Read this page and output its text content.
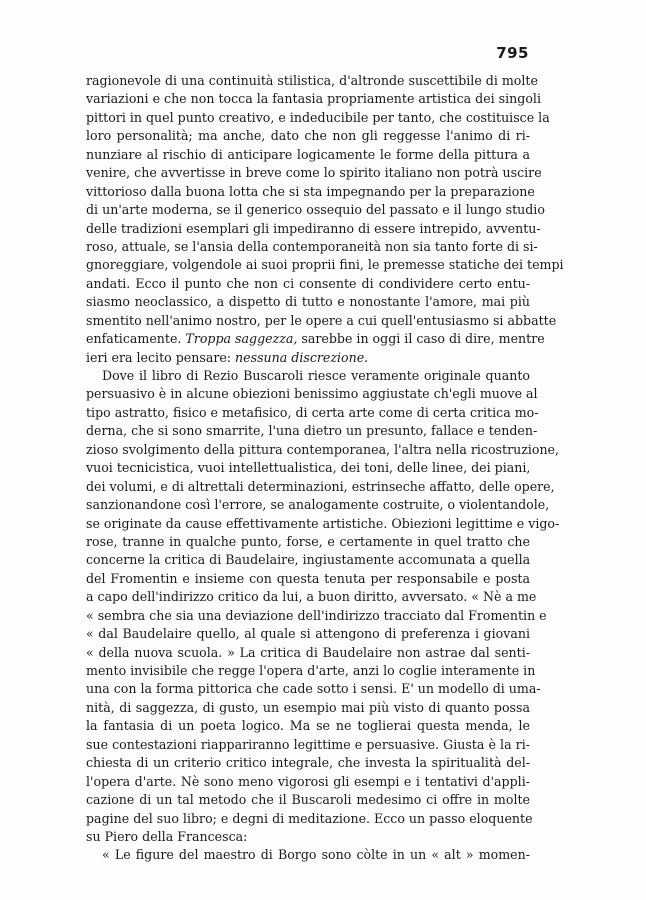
795
ragionevole di una continuità stilistica, d'altronde suscettibile di molte
variazioni e che non tocca la fantasia propriamente artistica dei singoli
pittori in quel punto creativo, e indeducibile per tanto, che costituisce la
loro personalità; ma anche, dato che non gli reggesse l'animo di ri-
nunziare al rischio di anticipare logicamente le forme della pittura a
venire, che avvertisse in breve come lo spirito italiano non potrà uscire
vittorioso dalla buona lotta che si sta impegnando per la preparazione
di un'arte moderna, se il generico ossequio del passato e il lungo studio
delle tradizioni esemplari gli impediranno di essere intrepido, avventu-
roso, attuale, se l'ansia della contemporaneità non sia tanto forte di si-
gnoreggiare, volgendole ai suoi proprii fini, le premesse statiche dei tempi
andati. Ecco il punto che non ci consente di condividere certo entu-
siasmo neoclassico, a dispetto di tutto e nonostante l'amore, mai più
smentito nell'animo nostro, per le opere a cui quell'entusiasmo si abbatte
enfaticamente. Troppa saggezza, sarebbe in oggi il caso di dire, mentre
ieri era lecito pensare: nessuna discrezione.
Dove il libro di Rezio Buscaroli riesce veramente originale quanto
persuasivo è in alcune obiezioni benissimo aggiustate ch'egli muove al
tipo astratto, fisico e metafisico, di certa arte come di certa critica mo-
derna, che si sono smarrite, l'una dietro un presunto, fallace e tenden-
zioso svolgimento della pittura contemporanea, l'altra nella ricostruzione,
vuoi tecnicistica, vuoi intellettualistica, dei toni, delle linee, dei piani,
dei volumi, e di altrettali determinazioni, estrinseche affatto, delle opere,
sanzionandone così l'errore, se analogamente costruite, o violentandole,
se originate da cause effettivamente artistiche. Obiezioni legittime e vigo-
rose, tranne in qualche punto, forse, e certamente in quel tratto che
concerne la critica di Baudelaire, ingiustamente accomunata a quella
del Fromentin e insieme con questa tenuta per responsabile e posta
a capo dell'indirizzo critico da lui, a buon diritto, avversato. « Nè a me
« sembra che sia una deviazione dell'indirizzo tracciato dal Fromentin e
« dal Baudelaire quello, al quale si attengono di preferenza i giovani
« della nuova scuola. » La critica di Baudelaire non astrae dal senti-
mento invisibile che regge l'opera d'arte, anzi lo coglie interamente in
una con la forma pittorica che cade sotto i sensi. E' un modello di uma-
nità, di saggezza, di gusto, un esempio mai più visto di quanto possa
la fantasia di un poeta logico. Ma se ne toglierai questa menda, le
sue contestazioni riappariranno legittime e persuasive. Giusta è la ri-
chiesta di un criterio critico integrale, che investa la spiritualità del-
l'opera d'arte. Nè sono meno vigorosi gli esempi e i tentativi d'appli-
cazione di un tal metodo che il Buscaroli medesimo ci offre in molte
pagine del suo libro; e degni di meditazione. Ecco un passo eloquente
su Piero della Francesca:
« Le figure del maestro di Borgo sono còlte in un « alt » momen-
